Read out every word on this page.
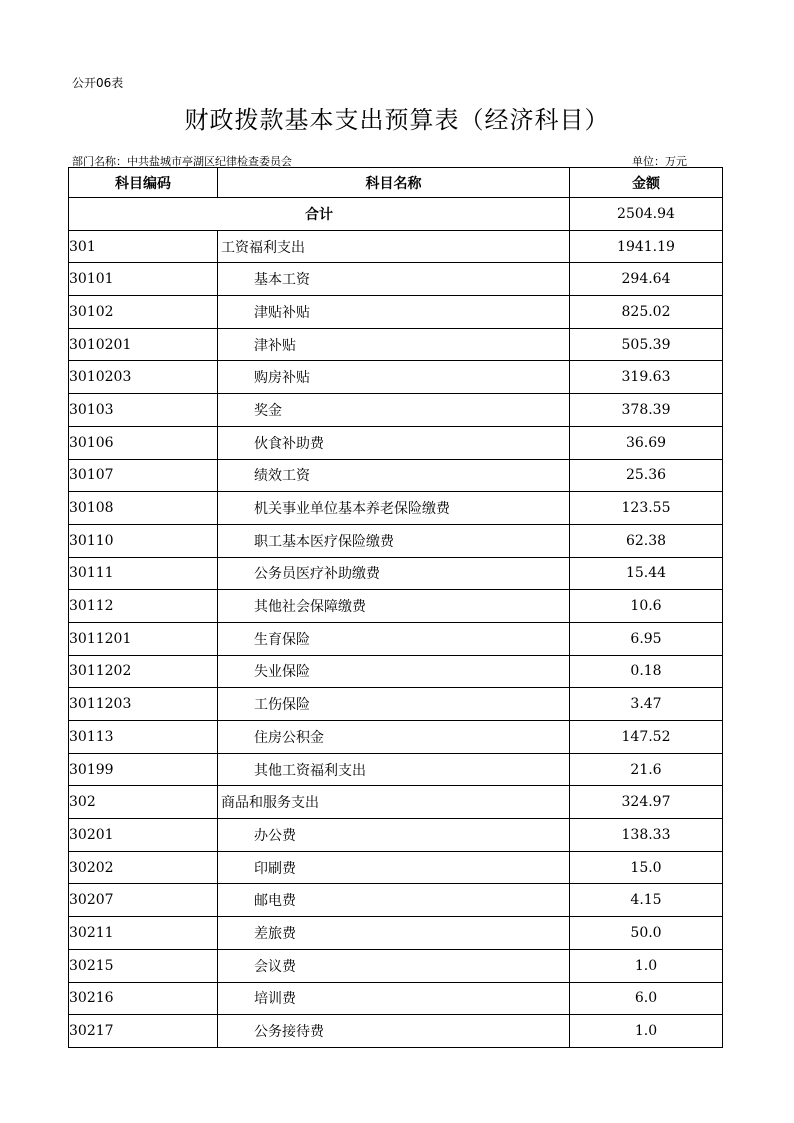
公开06表
财政拨款基本支出预算表（经济科目）
部门名称：中共盐城市亭湖区纪律检查委员会	单位：万元
科目编码	科目名称	金额
合计		2504.94
301	工资福利支出	1941.19
30101	基本工资	294.64
30102	津贴补贴	825.02
3010201	津补贴	505.39
3010203	购房补贴	319.63
30103	奖金	378.39
30106	伙食补助费	36.69
30107	绩效工资	25.36
30108	机关事业单位基本养老保险缴费	123.55
30110	职工基本医疗保险缴费	62.38
30111	公务员医疗补助缴费	15.44
30112	其他社会保障缴费	10.6
3011201	生育保险	6.95
3011202	失业保险	0.18
3011203	工伤保险	3.47
30113	住房公积金	147.52
30199	其他工资福利支出	21.6
302	商品和服务支出	324.97
30201	办公费	138.33
30202	印刷费	15.0
30207	邮电费	4.15
30211	差旅费	50.0
30215	会议费	1.0
30216	培训费	6.0
30217	公务接待费	1.0
